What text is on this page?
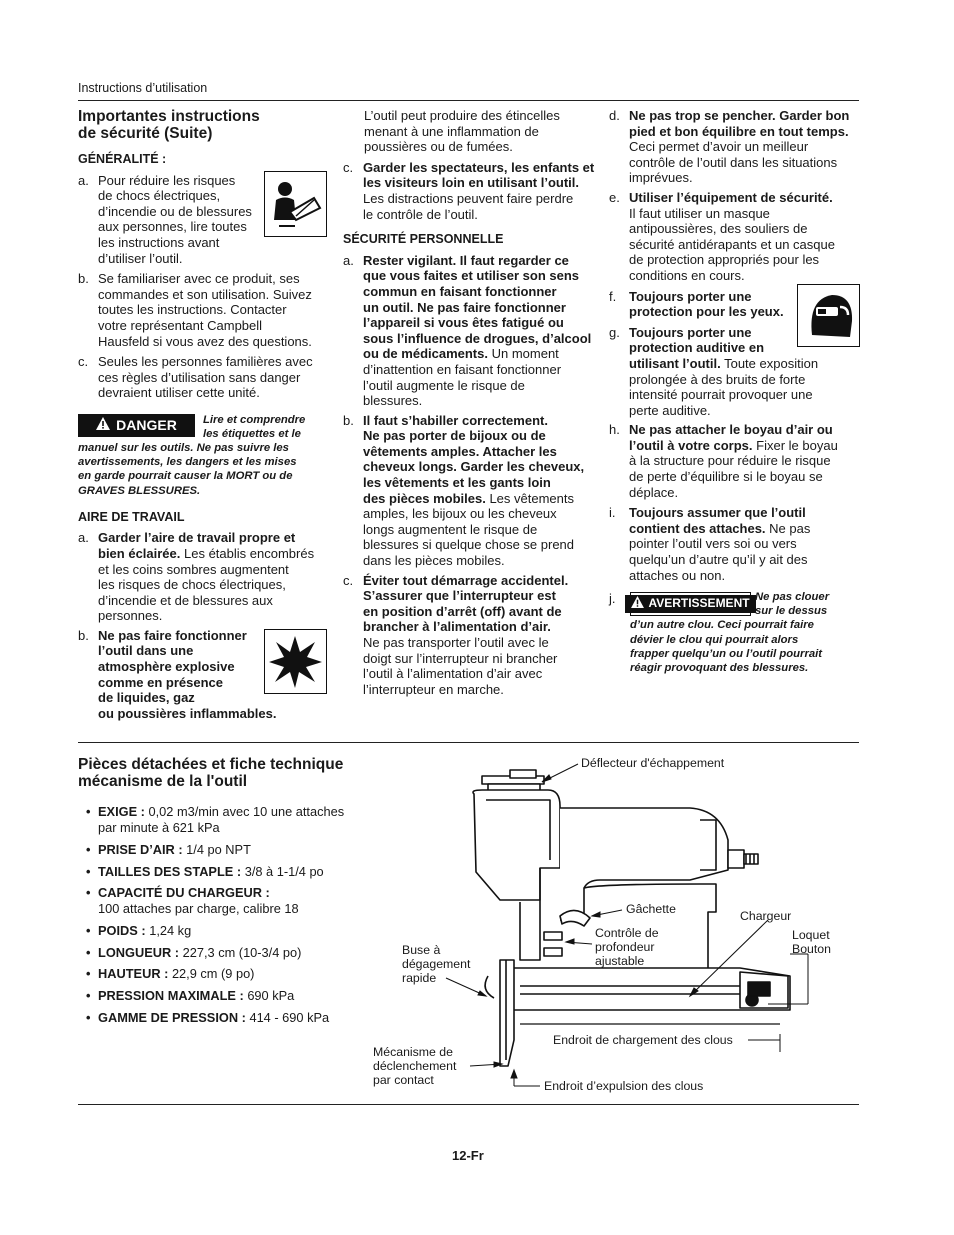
Instructions d’utilisation
Importantes instructions
de sécurité (Suite)

GÉNÉRALITÉ :

a. Pour réduire les risques
de chocs électriques,
d’incendie ou de blessures
aux personnes, lire toutes
les instructions avant
d’utiliser l’outil.
b. Se familiariser avec ce produit, ses
commandes et son utilisation. Suivez
toutes les instructions. Contacter
votre représentant Campbell
Hausfeld si vous avez des questions.
c. Seules les personnes familières avec
ces règles d’utilisation sans danger
devraient utiliser cette unité.
Lire et comprendre
les étiquettes et le
manuel sur les outils. Ne pas suivre les
avertissements, les dangers et les mises
en garde pourrait causer la MORT ou de
GRAVES BLESSURES.

AIRE DE TRAVAIL

a. Garder l’aire de travail propre et
bien éclairée. Les établis encombrés
et les coins sombres augmentent
les risques de chocs électriques,
d’incendie et de blessures aux
personnes.
b. Ne pas faire fonctionner
l’outil dans une
atmosphère explosive
comme en présence
de liquides, gaz
ou poussières inflammables.
DANGER
L’outil peut produire des étincelles
menant à une inflammation de
poussières ou de fumées.
c. Garder les spectateurs, les enfants et
les visiteurs loin en utilisant l’outil.
Les distractions peuvent faire perdre
le contrôle de l’outil.

SÉCURITÉ PERSONNELLE

a. Rester vigilant. Il faut regarder ce
que vous faites et utiliser son sens
commun en faisant fonctionner
un outil. Ne pas faire fonctionner
l’appareil si vous êtes fatigué ou
sous l’influence de drogues, d’alcool
ou de médicaments. Un moment
d’inattention en faisant fonctionner
l’outil augmente le risque de
blessures.
b. Il faut s’habiller correctement.
Ne pas porter de bijoux ou de
vêtements amples. Attacher les
cheveux longs. Garder les cheveux,
les vêtements et les gants loin
des pièces mobiles. Les vêtements
amples, les bijoux ou les cheveux
longs augmentent le risque de
blessures si quelque chose se prend
dans les pièces mobiles.
c. Éviter tout démarrage accidentel.
S’assurer que l’interrupteur est
en position d’arrêt (off) avant de
brancher à l’alimentation d’air.
Ne pas transporter l’outil avec le
doigt sur l’interrupteur ni brancher
l’outil à l’alimentation d’air avec
l’interrupteur en marche.
d. Ne pas trop se pencher. Garder bon
pied et bon équilibre en tout temps.
Ceci permet d’avoir un meilleur
contrôle de l’outil dans les situations
imprévues.
e. Utiliser l’équipement de sécurité.
Il faut utiliser un masque
antipoussières, des souliers de
sécurité antidérapants et un casque
de protection appropriés pour les
conditions en cours.
f. Toujours porter une
protection pour les yeux.
g. Toujours porter une
protection auditive en
utilisant l’outil. Toute exposition
prolongée à des bruits de forte
intensité pourrait provoquer une
perte auditive.
h. Ne pas attacher le boyau d’air ou
l’outil à votre corps. Fixer le boyau
à la structure pour réduire le risque
de perte d’équilibre si le boyau se
déplace.
i. Toujours assumer que l’outil
contient des attaches. Ne pas
pointer l’outil vers soi ou vers
quelqu’un d’autre qu’il y ait des
attaches ou non.
j.	AVERTISSEMENT Ne pas clouer
sur le dessus
d’un autre clou. Ceci pourrait faire
dévier le clou qui pourrait alors
frapper quelqu’un ou l’outil pourrait
réagir provoquant des blessures.
Pièces détachées et fiche technique
mécanisme de la l'outil
• EXIGE : 0,02 m3/min avec 10 une attaches
par minute à 621 kPa
• PRISE D’AIR : 1/4 po NPT
• TAILLES DES STAPLE : 3/8 à 1-1/4 po
• CAPACITÉ DU CHARGEUR :
100 attaches par charge, calibre 18
• POIDS : 1,24 kg
• LONGUEUR : 227,3 cm (10-3/4 po)
• HAUTEUR : 22,9 cm (9 po)
• PRESSION MAXIMALE : 690 kPa
• GAMME DE PRESSION : 414 - 690 kPa
Déflecteur d'échappement
Gâchette
Contrôle de
profondeur
ajustable
Chargeur
Loquet
Bouton
Buse à
dégagement
rapide
Endroit de chargement des clous
Mécanisme de
déclenchement
par contact	Endroit d’expulsion des clous
12-Fr
